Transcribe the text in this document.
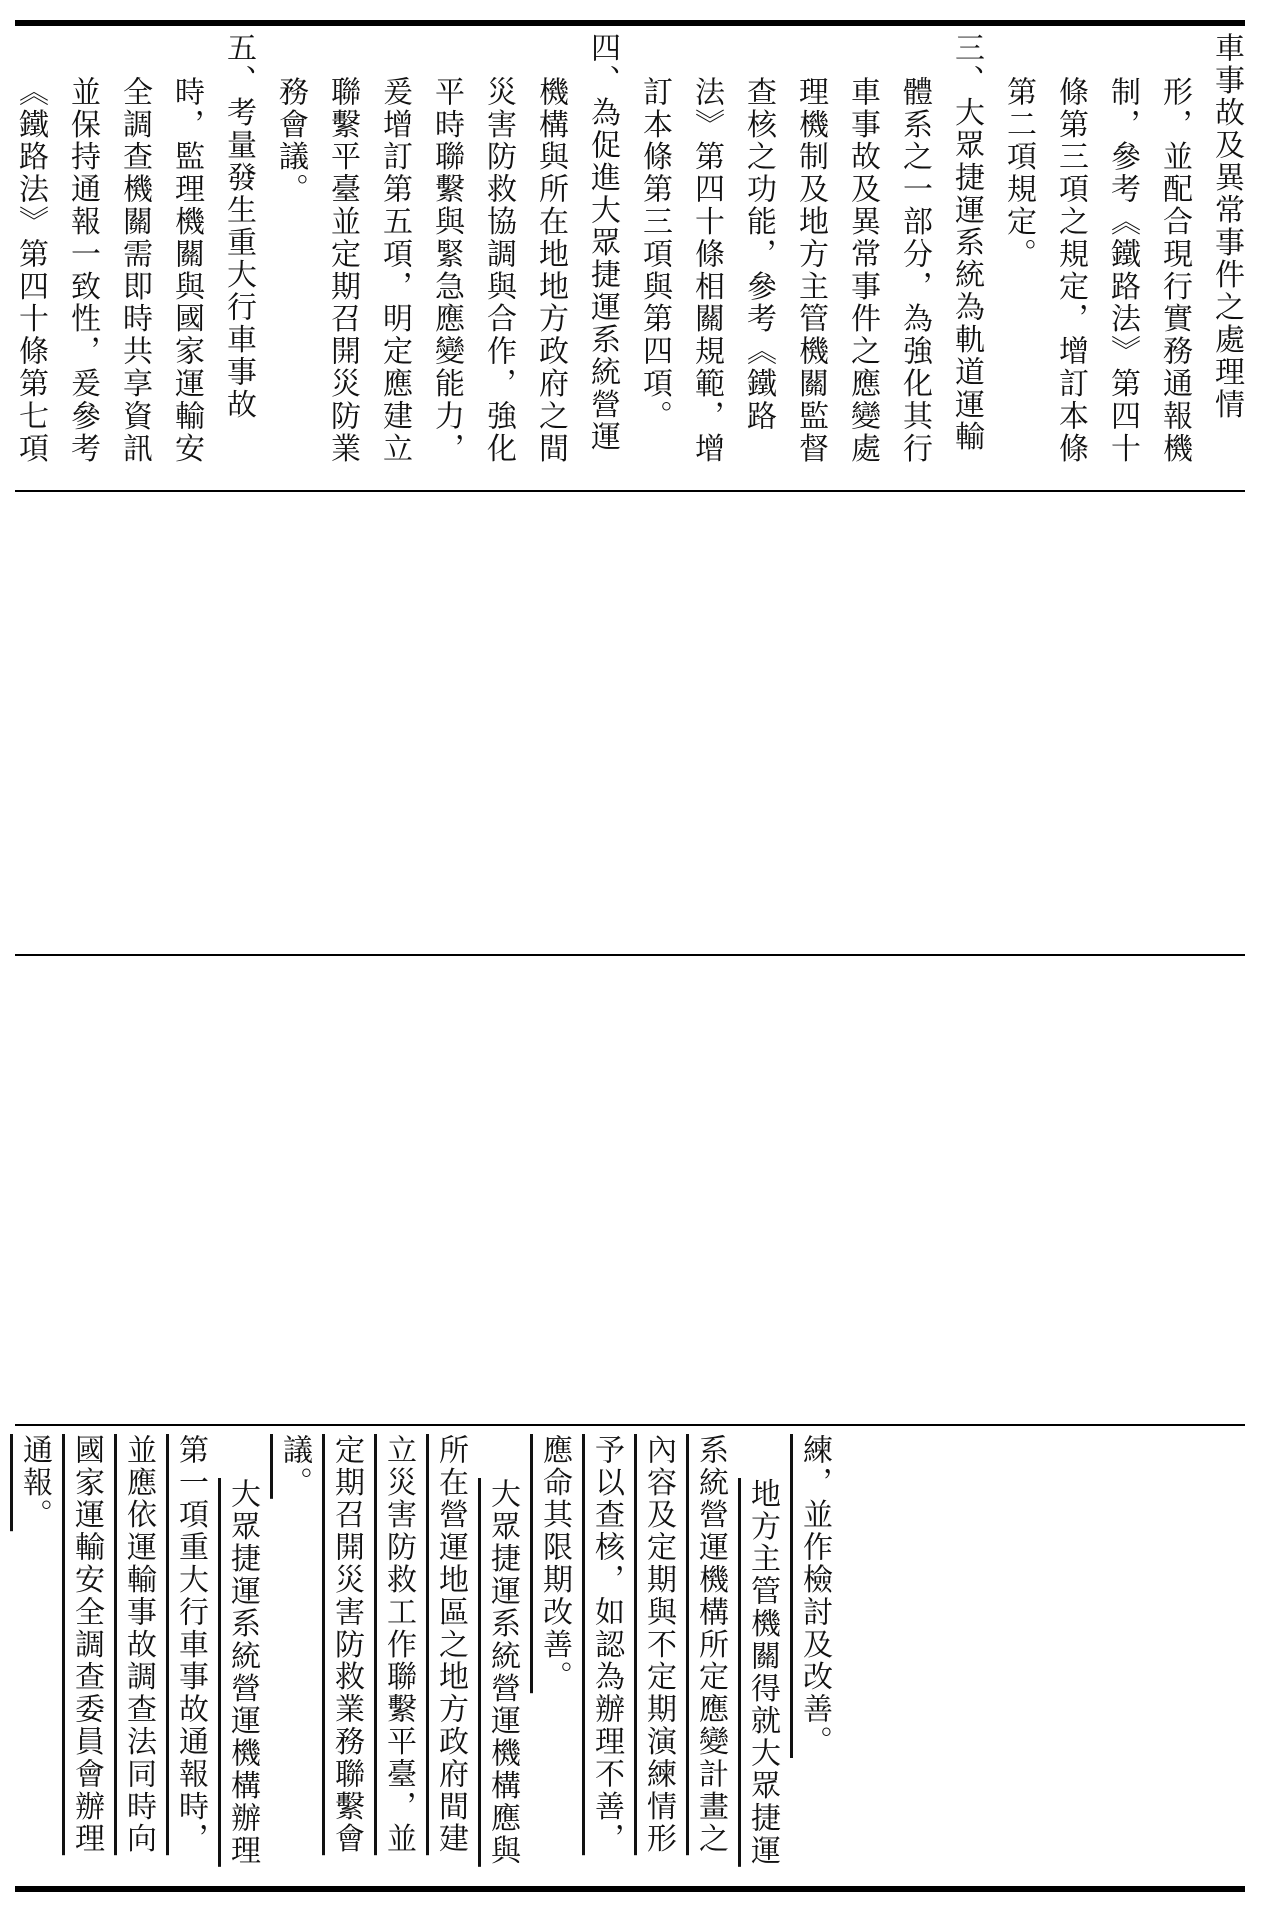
車事故及異常事件之處理情形，並配合現行實務通報機制，參考《鐵路法》第四十條第三項之規定，增訂本條第二項規定。

三、大眾捷運系統為軌道運輸體系之一部分，為強化其行車事故及異常事件之應變處理機制及地方主管機關監督查核之功能，參考《鐵路法》第四十條相關規範，增訂本條第三項與第四項。

四、為促進大眾捷運系統營運機構與所在地地方政府之間災害防救協調與合作，強化平時聯繫與緊急應變能力，爰增訂第五項，明定應建立聯繫平臺並定期召開災防業務會議。

五、考量發生重大行車事故時，監理機關與國家運輸安全調查機關需即時共享資訊並保持通報一致性，爰參考《鐵路法》第四十條第七項

練，並作檢討及改善。

地方主管機關得就大眾捷運系統營運機構所定應變計畫之內容及定期與不定期演練情形予以查核，如認為辦理不善，應命其限期改善。

大眾捷運系統營運機構應與所在營運地區之地方政府間建立災害防救工作聯繫平臺，並定期召開災害防救業務聯繫會議。

大眾捷運系統營運機構辦理第一項重大行車事故通報時，並應依運輸事故調查法同時向國家運輸安全調查委員會辦理通報。
